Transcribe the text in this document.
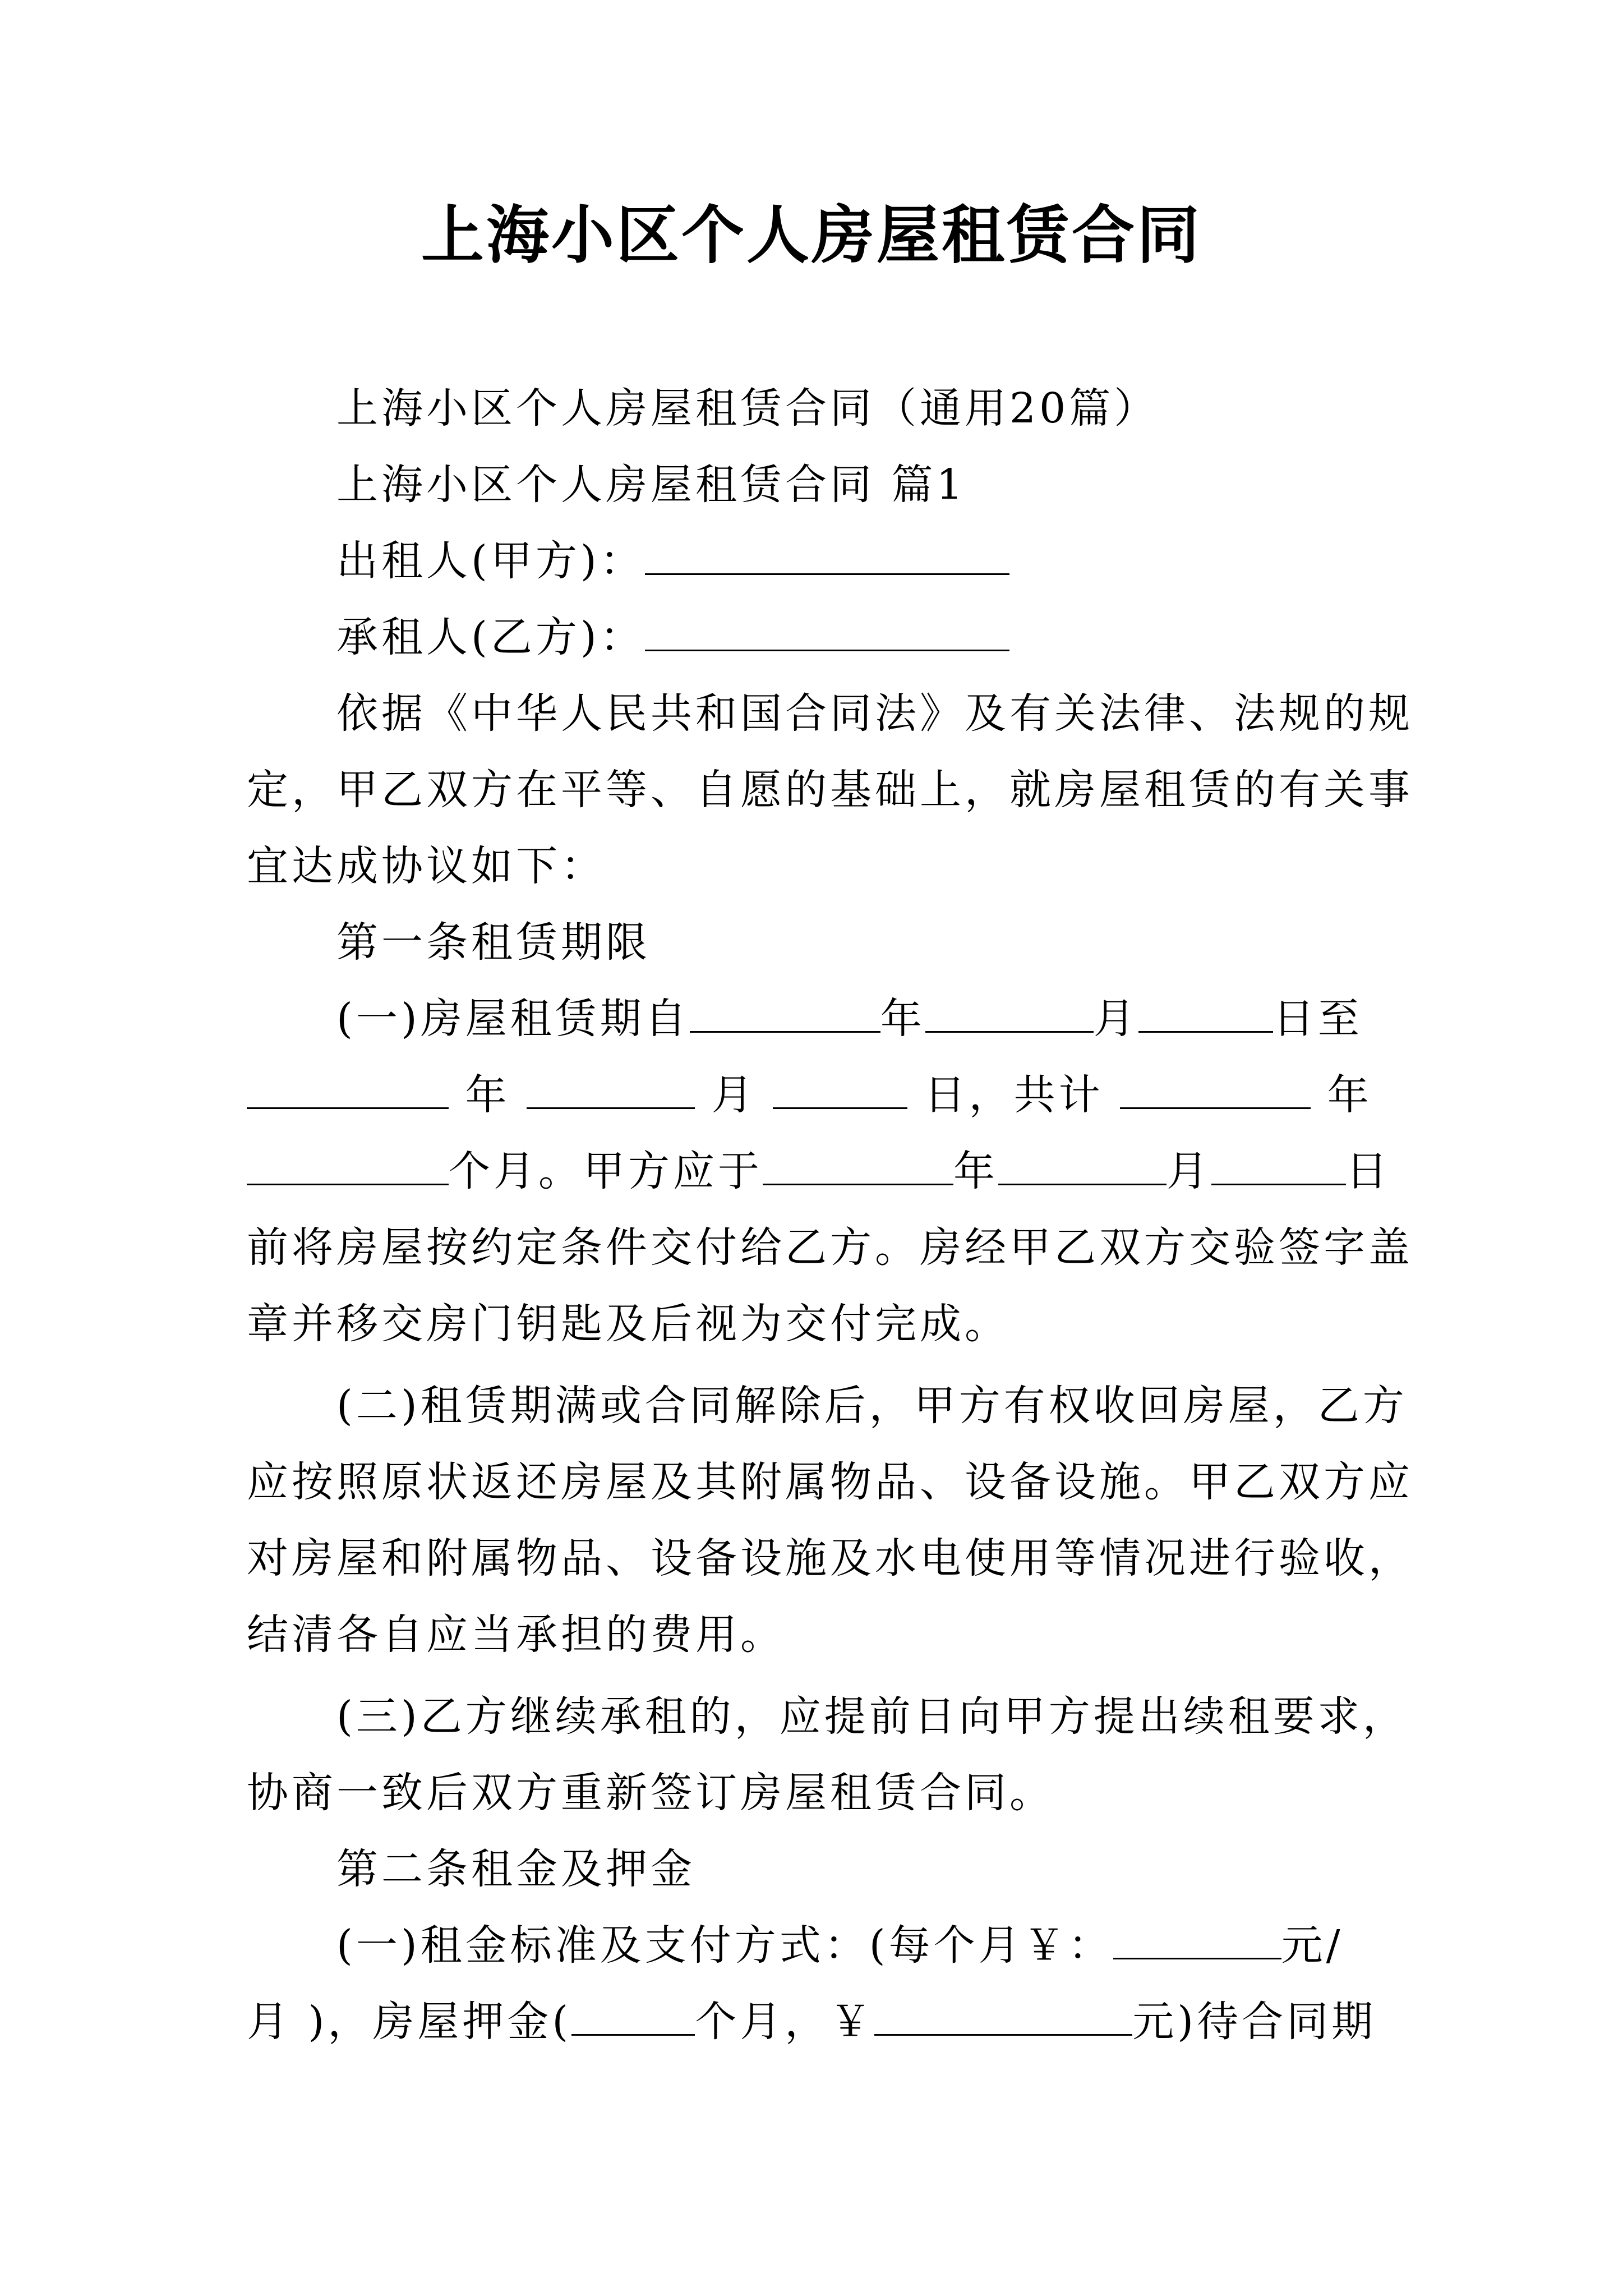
上海小区个人房屋租赁合同
上海小区个人房屋租赁合同（通用20篇）
上海小区个人房屋租赁合同 篇1
出租人(甲方)：
承租人(乙方)：
依据《中华人民共和国合同法》及有关法律、法规的规
定，甲乙双方在平等、自愿的基础上，就房屋租赁的有关事
宜达成协议如下：
第一条租赁期限
(一)房屋租赁期自	年	月	日至
年	月	日，共计	年
个月。甲方应于	年	月	日
前将房屋按约定条件交付给乙方。房经甲乙双方交验签字盖
章并移交房门钥匙及后视为交付完成。
(二)租赁期满或合同解除后，甲方有权收回房屋，乙方
应按照原状返还房屋及其附属物品、设备设施。甲乙双方应
对房屋和附属物品、设备设施及水电使用等情况进行验收，
结清各自应当承担的费用。
(三)乙方继续承租的，应提前日向甲方提出续租要求，
协商一致后双方重新签订房屋租赁合同。
第二条租金及押金
(一)租金标准及支付方式：(每个月￥：	元/
月 )，房屋押金(	个月，￥	元)待合同期
